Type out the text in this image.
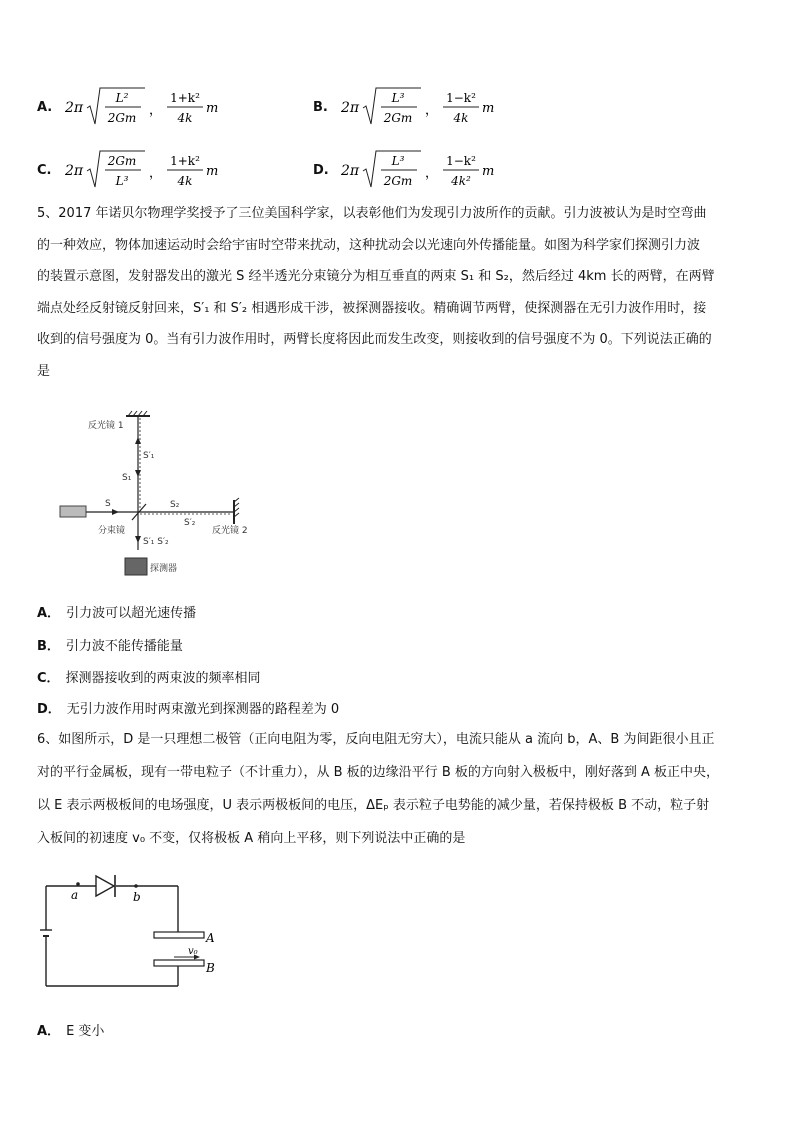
A. 2π
L²
2Gm ，
1+k²
4k
m	B. 2π
L³
2Gm ，
1−k²
4k
m
C. 2π
2Gm
L³ ，
1+k²
4k
m	D. 2π
L³
2Gm ，
1−k²
4k²
m
5、2017 年诺贝尔物理学奖授予了三位美国科学家，以表彰他们为发现引力波所作的贡献。引力波被认为是时空弯曲
的一种效应，物体加速运动时会给宇宙时空带来扰动，这种扰动会以光速向外传播能量。如图为科学家们探测引力波
的装置示意图，发射器发出的激光 S 经半透光分束镜分为相互垂直的两束 S₁ 和 S₂，然后经过 4km 长的两臂，在两臂
端点处经反射镜反射回来，S′₁ 和 S′₂ 相遇形成干涉，被探测器接收。精确调节两臂，使探测器在无引力波作用时，接
收到的信号强度为 0。当有引力波作用时，两臂长度将因此而发生改变，则接收到的信号强度不为 0。下列说法正确的
是
反光镜 1
S′₁
S₁
S	S₂
S′₂
分束镜	反光镜 2
S′₁ S′₂
探测器
A． 引力波可以超光速传播
B． 引力波不能传播能量
C． 探测器接收到的两束波的频率相同
D． 无引力波作用时两束激光到探测器的路程差为 0
6、如图所示，D 是一只理想二极管（正向电阻为零，反向电阻无穷大），电流只能从 a 流向 b，A、B 为间距很小且正
对的平行金属板，现有一带电粒子（不计重力），从 B 板的边缘沿平行 B 板的方向射入极板中，刚好落到 A 板正中央，
以 E 表示两极板间的电场强度，U 表示两极板间的电压，ΔEₚ 表示粒子电势能的减少量，若保持极板 B 不动，粒子射
入板间的初速度 v₀ 不变，仅将极板 A 稍向上平移，则下列说法中正确的是
a	b
A
B
v₀
A． E 变小
